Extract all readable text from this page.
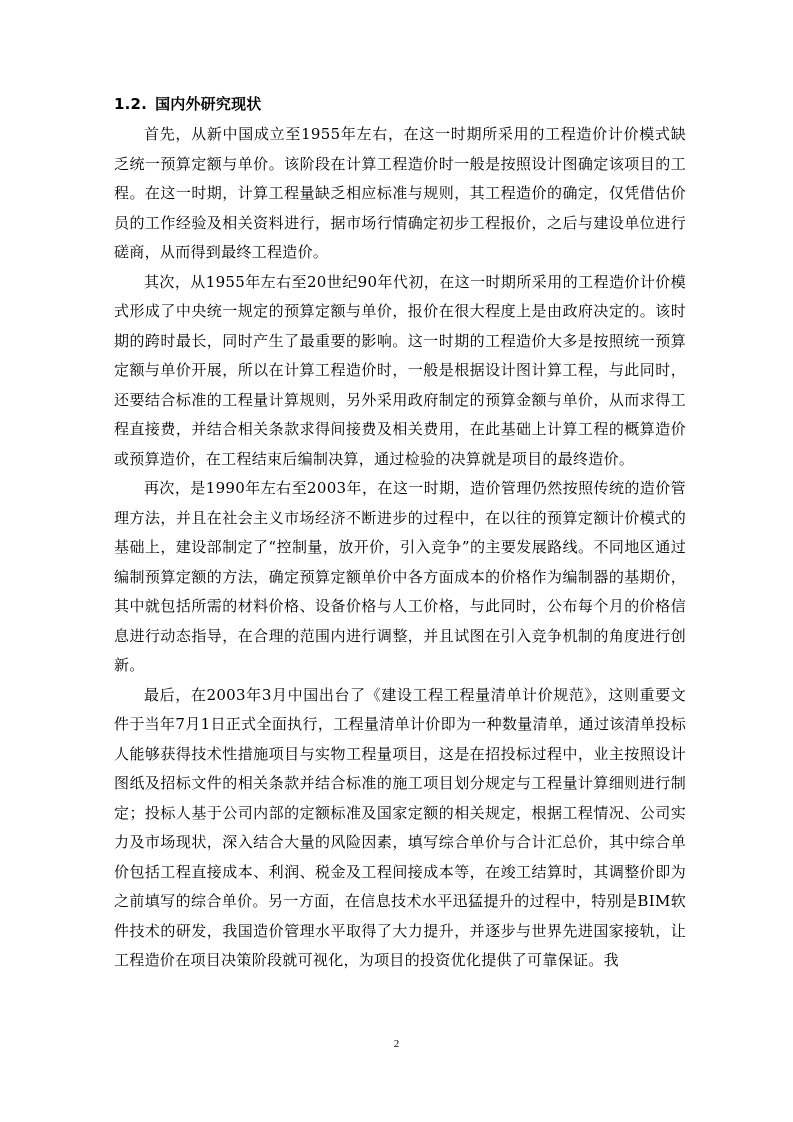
1.2. 国内外研究现状

首先，从新中国成立至1955年左右，在这一时期所采用的工程造价计价模式缺乏统一预算定额与单价。该阶段在计算工程造价时一般是按照设计图确定该项目的工程。在这一时期，计算工程量缺乏相应标准与规则，其工程造价的确定，仅凭借估价员的工作经验及相关资料进行，据市场行情确定初步工程报价，之后与建设单位进行磋商，从而得到最终工程造价。

其次，从1955年左右至20世纪90年代初，在这一时期所采用的工程造价计价模式形成了中央统一规定的预算定额与单价，报价在很大程度上是由政府决定的。该时期的跨时最长，同时产生了最重要的影响。这一时期的工程造价大多是按照统一预算定额与单价开展，所以在计算工程造价时，一般是根据设计图计算工程，与此同时，还要结合标准的工程量计算规则，另外采用政府制定的预算金额与单价，从而求得工程直接费，并结合相关条款求得间接费及相关费用，在此基础上计算工程的概算造价或预算造价，在工程结束后编制决算，通过检验的决算就是项目的最终造价。

再次，是1990年左右至2003年，在这一时期，造价管理仍然按照传统的造价管理方法，并且在社会主义市场经济不断进步的过程中，在以往的预算定额计价模式的基础上，建设部制定了“控制量，放开价，引入竞争”的主要发展路线。不同地区通过编制预算定额的方法，确定预算定额单价中各方面成本的价格作为编制器的基期价，其中就包括所需的材料价格、设备价格与人工价格，与此同时，公布每个月的价格信息进行动态指导，在合理的范围内进行调整，并且试图在引入竞争机制的角度进行创新。

最后，在2003年3月中国出台了《建设工程工程量清单计价规范》，这则重要文件于当年7月1日正式全面执行，工程量清单计价即为一种数量清单，通过该清单投标人能够获得技术性措施项目与实物工程量项目，这是在招投标过程中，业主按照设计图纸及招标文件的相关条款并结合标准的施工项目划分规定与工程量计算细则进行制定；投标人基于公司内部的定额标准及国家定额的相关规定，根据工程情况、公司实力及市场现状，深入结合大量的风险因素，填写综合单价与合计汇总价，其中综合单价包括工程直接成本、利润、税金及工程间接成本等，在竣工结算时，其调整价即为之前填写的综合单价。另一方面，在信息技术水平迅猛提升的过程中，特别是BIM软件技术的研发，我国造价管理水平取得了大力提升，并逐步与世界先进国家接轨，让工程造价在项目决策阶段就可视化，为项目的投资优化提供了可靠保证。我

2
